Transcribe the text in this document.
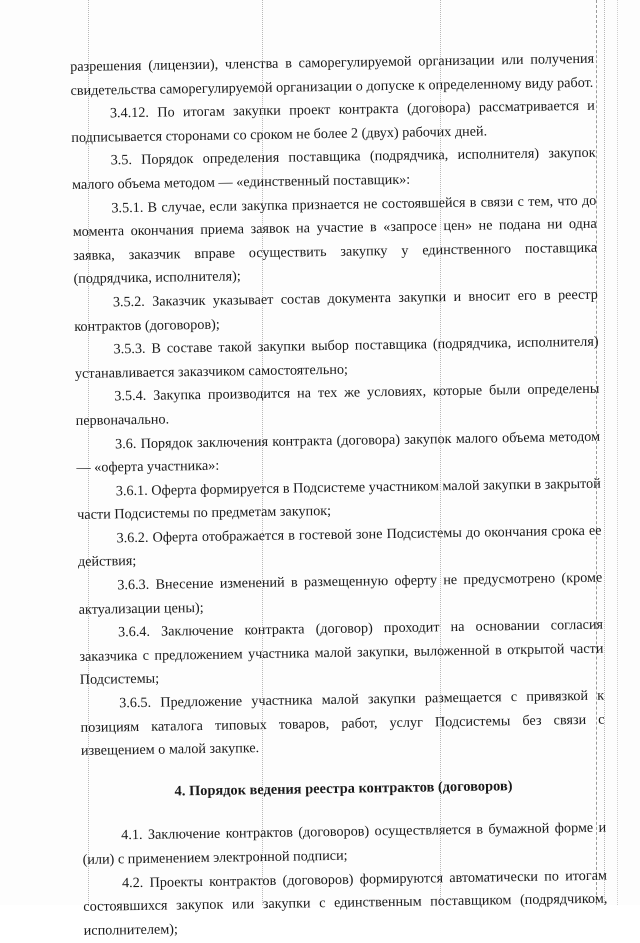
разрешения (лицензии), членства в саморегулируемой организации или получения свидетельства саморегулируемой организации о допуске к определенному виду работ.

3.4.12. По итогам закупки проект контракта (договора) рассматривается и подписывается сторонами со сроком не более 2 (двух) рабочих дней.

3.5. Порядок определения поставщика (подрядчика, исполнителя) закупок малого объема методом — «единственный поставщик»:

3.5.1. В случае, если закупка признается не состоявшейся в связи с тем, что до момента окончания приема заявок на участие в «запросе цен» не подана ни одна заявка, заказчик вправе осуществить закупку у единственного поставщика (подрядчика, исполнителя);

3.5.2. Заказчик указывает состав документа закупки и вносит его в реестр контрактов (договоров);

3.5.3. В составе такой закупки выбор поставщика (подрядчика, исполнителя) устанавливается заказчиком самостоятельно;

3.5.4. Закупка производится на тех же условиях, которые были определены первоначально.

3.6. Порядок заключения контракта (договора) закупок малого объема методом — «оферта участника»:

3.6.1. Оферта формируется в Подсистеме участником малой закупки в закрытой части Подсистемы по предметам закупок;

3.6.2. Оферта отображается в гостевой зоне Подсистемы до окончания срока ее действия;

3.6.3. Внесение изменений в размещенную оферту не предусмотрено (кроме актуализации цены);

3.6.4. Заключение контракта (договор) проходит на основании согласия заказчика с предложением участника малой закупки, выложенной в открытой части Подсистемы;

3.6.5. Предложение участника малой закупки размещается с привязкой к позициям каталога типовых товаров, работ, услуг Подсистемы без связи с извещением о малой закупке.

4. Порядок ведения реестра контрактов (договоров)

4.1. Заключение контрактов (договоров) осуществляется в бумажной форме и (или) с применением электронной подписи;

4.2. Проекты контрактов (договоров) формируются автоматически по итогам состоявшихся закупок или закупки с единственным поставщиком (подрядчиком, исполнителем);
